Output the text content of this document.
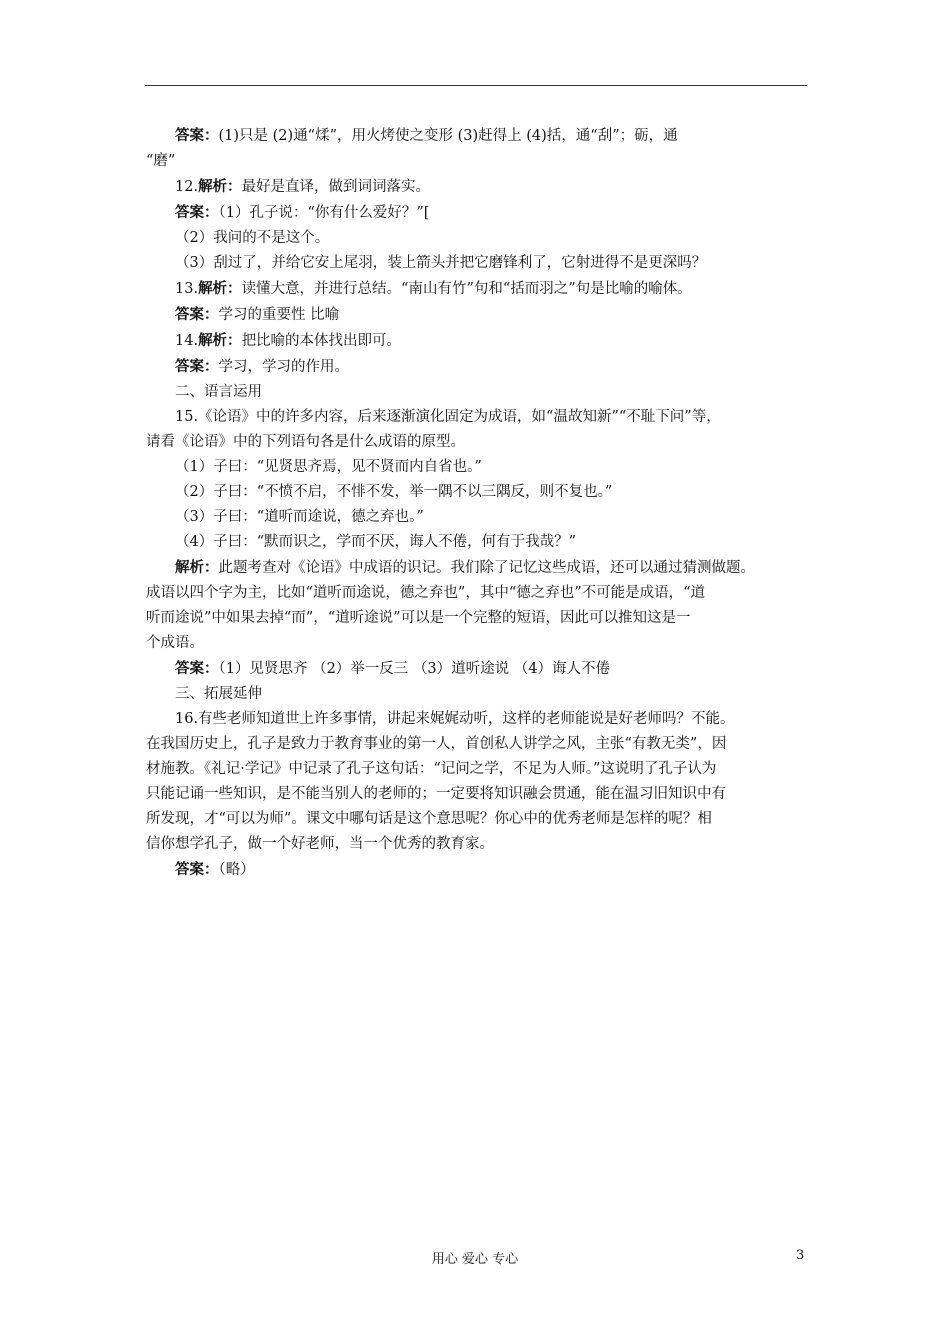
答案：(1)只是 (2)通“煣”，用火烤使之变形 (3)赶得上 (4)括，通“刮”；砺，通

“磨”

12.解析：最好是直译，做到词词落实。

答案：（1）孔子说：“你有什么爱好？”[

（2）我问的不是这个。

（3）刮过了，并给它安上尾羽，装上箭头并把它磨锋利了，它射进得不是更深吗？

13.解析：读懂大意，并进行总结。“南山有竹”句和“括而羽之”句是比喻的喻体。

答案：学习的重要性 比喻

14.解析：把比喻的本体找出即可。

答案：学习，学习的作用。

二、语言运用

15.《论语》中的许多内容，后来逐渐演化固定为成语，如“温故知新”“不耻下问”等，

请看《论语》中的下列语句各是什么成语的原型。

（1）子曰：“见贤思齐焉，见不贤而内自省也。”

（2）子曰：“不愤不启，不悱不发，举一隅不以三隅反，则不复也。”

（3）子曰：“道听而途说，德之弃也。”

（4）子曰：“默而识之，学而不厌，诲人不倦，何有于我哉？”

解析：此题考查对《论语》中成语的识记。我们除了记忆这些成语，还可以通过猜测做题。

成语以四个字为主，比如“道听而途说，德之弃也”，其中“德之弃也”不可能是成语，“道

听而途说”中如果去掉“而”，“道听途说”可以是一个完整的短语，因此可以推知这是一

个成语。

答案：（1）见贤思齐 （2）举一反三 （3）道听途说 （4）诲人不倦

三、拓展延伸

16.有些老师知道世上许多事情，讲起来娓娓动听，这样的老师能说是好老师吗？不能。

在我国历史上，孔子是致力于教育事业的第一人，首创私人讲学之风，主张“有教无类”，因

材施教。《礼记·学记》中记录了孔子这句话：“记问之学，不足为人师。”这说明了孔子认为

只能记诵一些知识，是不能当别人的老师的；一定要将知识融会贯通，能在温习旧知识中有

所发现，才“可以为师”。课文中哪句话是这个意思呢？你心中的优秀老师是怎样的呢？相

信你想学孔子，做一个好老师，当一个优秀的教育家。

答案：（略）

用心 爱心 专心	3
